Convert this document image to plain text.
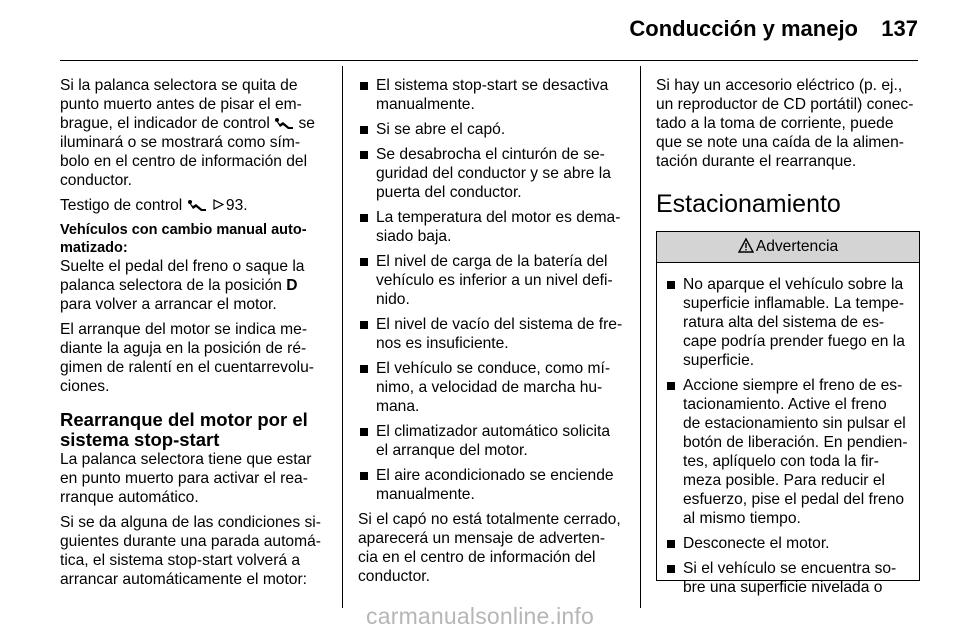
Conducción y manejo 137

Si la palanca selectora se quita de
punto muerto antes de pisar el em-
brague, el indicador de control se
iluminará o se mostrará como sím-
bolo en el centro de información del
conductor.

Testigo de control	93.

Vehículos con cambio manual auto-
matizado:

Suelte el pedal del freno o saque la
palanca selectora de la posición D
para volver a arrancar el motor.

El arranque del motor se indica me-
diante la aguja en la posición de ré-
gimen de ralentí en el cuentarrevolu-
ciones.

Rearranque del motor por el
sistema stop-start

La palanca selectora tiene que estar
en punto muerto para activar el rea-
rranque automático.

Si se da alguna de las condiciones si-
guientes durante una parada automá-
tica, el sistema stop-start volverá a
arrancar automáticamente el motor:

El sistema stop-start se desactiva
manualmente.
Si se abre el capó.
Se desabrocha el cinturón de se-
guridad del conductor y se abre la
puerta del conductor.
La temperatura del motor es dema-
siado baja.
El nivel de carga de la batería del
vehículo es inferior a un nivel defi-
nido.
El nivel de vacío del sistema de fre-
nos es insuficiente.
El vehículo se conduce, como mí-
nimo, a velocidad de marcha hu-
mana.
El climatizador automático solicita
el arranque del motor.
El aire acondicionado se enciende
manualmente.

Si el capó no está totalmente cerrado,
aparecerá un mensaje de adverten-
cia en el centro de información del
conductor.

Si hay un accesorio eléctrico (p. ej.,
un reproductor de CD portátil) conec-
tado a la toma de corriente, puede
que se note una caída de la alimen-
tación durante el rearranque.

Estacionamiento
Advertencia
No aparque el vehículo sobre la
superficie inflamable. La tempe-
ratura alta del sistema de es-
cape podría prender fuego en la
superficie.
Accione siempre el freno de es-
tacionamiento. Active el freno
de estacionamiento sin pulsar el
botón de liberación. En pendien-
tes, aplíquelo con toda la fir-
meza posible. Para reducir el
esfuerzo, pise el pedal del freno
al mismo tiempo.
Desconecte el motor.
Si el vehículo se encuentra so-
bre una superficie nivelada o
carmanualsonline.info
